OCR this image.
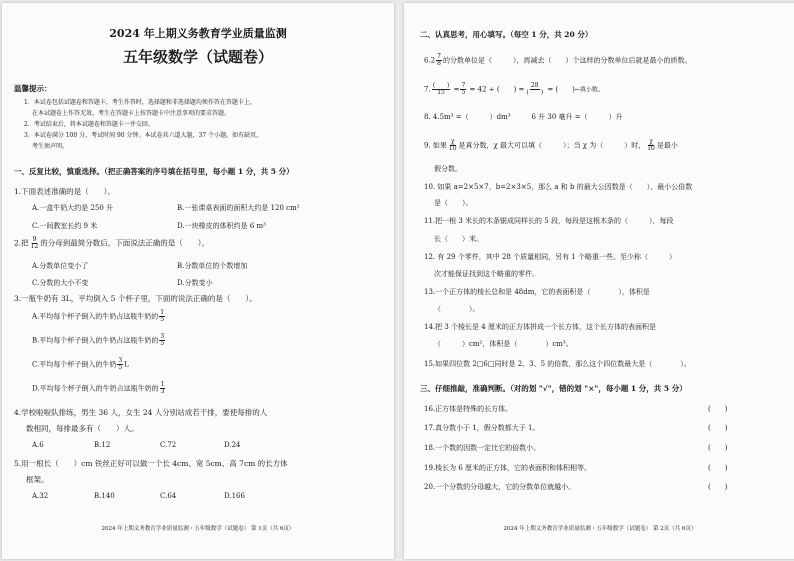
2024 年上期义务教育学业质量监测
五年级数学（试题卷）
温馨提示：
1．本试卷包括试题卷和答题卡，考生作答时，选择题和非选择题均须作答在答题卡上，
在本试题卷上作答无效，考生在答题卡上按答题卡中注意事项的要求答题。
2．考试结束后，将本试题卷和答题卡一并交回。
3．本试卷满分 100 分，考试时间 90 分钟。本试卷共六道大题，37 个小题。如有缺页，
考生须声明。
一、反复比较，慎重选择。（把正确答案的序号填在括号里，每小题 1 分，共 5 分）
1.下面表述准确的是（　　）。
A.一盒牛奶大约是 250 升	B.一张课桌表面的面积大约是 120 cm²
C.一间教室长约 9 米	D.一块橡皮的体积约是 6 m³
2.把 $\frac{9}{12}$ 的分母到最简分数后，下面说法正确的是（　　）。
A.分数单位变小了	B.分数单位的个数增加
C.分数的大小不变	D.分数变小
3.一瓶牛奶有 3L，平均倒入 5 个杯子里，下面的说法正确的是（　　）。
A.平均每个杯子倒入的牛奶占这瓶牛奶的 $\frac{1}{5}$
B.平均每个杯子倒入的牛奶占这瓶牛奶的 $\frac{3}{5}$
C.平均每个杯子倒入的牛奶 $\frac{3}{5}$ L
D.平均每个杯子倒入的牛奶占这瓶牛奶的 $\frac{1}{3}$
4.学校啦啦队排练，男生 36 人，女生 24 人分别站成若干排，要使每排的人
数相同，每排最多有（　　）人。
A.6	B.12	C.72	D.24
5.用一根长（　　）cm 铁丝正好可以做一个长 4cm、宽 5cm、高 7cm 的长方体
框架。
A.32	B.140	C.64	D.166
2024 年上期义务教育学业质量监测・五年级数学（试题卷） 第 1页（共 6页）
二、认真思考，用心填写。（每空 1 分，共 20 分）
$6.2 \frac{7}{8}$ 的分数单位是（　　　），再减去（　　）个这样的分数单位后就是最小的质数。
7. $\frac{( )}{15} = \frac{7}{5} = 42$ ÷ (　　) = $\frac{28}{( )}$ = (　　)←填小数。
8. 4.5m³ =（　　　）dm³　　　6 升 30 毫升 =（　　　）升
9. 如果 $\frac{\chi}{10}$ 是真分数，χ 最大可以填（　　　）；当 χ 为（　　　）时， $\frac{\chi}{10}$ 是最小
假分数。
10. 如果 a=2×5×7，b=2×3×5，那么 a 和 b 的最大公因数是（　　），最小公倍数
是（　　）。
11.把一根 3 米长的木条锯成同样长的 5 段，每段是这根木条的（　　　），每段
长（　　）米。
12. 有 29 个零件，其中 28 个质量相同，另有 1 个略重一些。至少称（　　　）
次才能保证找到这个略重的零件。
13.一个正方体的棱长总和是 48dm，它的表面积是（　　　　），体积是
（　　　　）。
14.把 3 个棱长是 4 厘米的正方体拼成一个长方体，这个长方体的表面积是
（　　　）cm²，体积是（　　　　）cm³。
15.如果四位数 2□6□同时是 2、3、5 的倍数，那么这个四位数最大是（　　　　）。
三、仔细推敲，准确判断。（对的划 "√"，错的划 "×"，每小题 1 分，共 5 分）
16.正方体是特殊的长方体。	(　　)
17.真分数小于 1，假分数都大于 1。	(　　)
18.一个数的因数一定比它的倍数小。	(　　)
19.棱长为 6 厘米的正方体，它的表面积和体积相等。	(　　)
20.一个分数的分母越大，它的分数单位就越小。	(　　)
2024 年上期义务教育学业质量监测・五年级数学（试题卷） 第 2页（共 6页）
